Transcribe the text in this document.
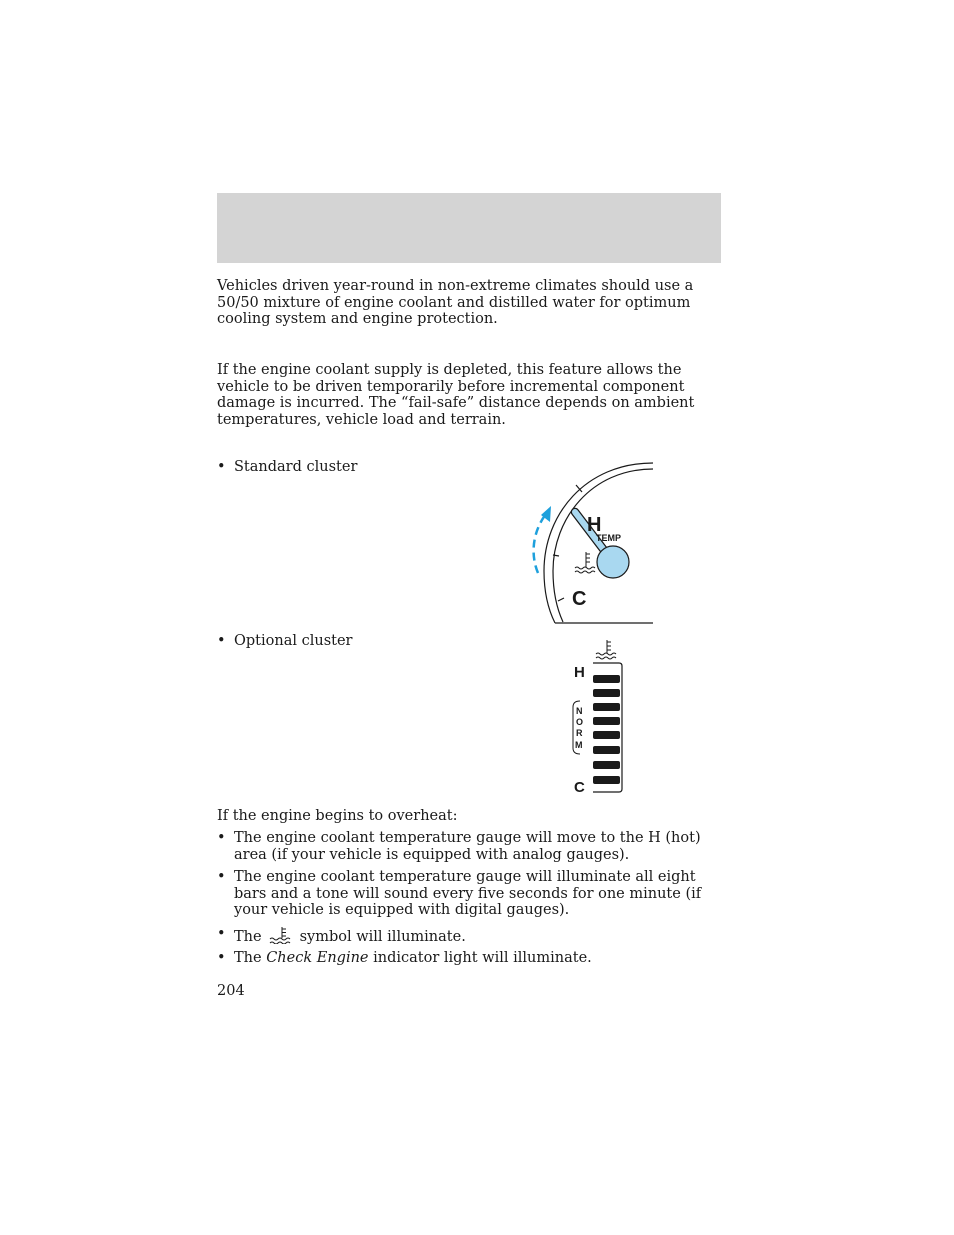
Vehicles driven year-round in non-extreme climates should use a 50/50 mixture of engine coolant and distilled water for optimum cooling system and engine protection.

If the engine coolant supply is depleted, this feature allows the vehicle to be driven temporarily before incremental component damage is incurred. The “fail-safe” distance depends on ambient temperatures, vehicle load and terrain.

• Standard cluster
H
TEMP
C
• Optional cluster
H
N
O
R
M
C

If the engine begins to overheat:

• The engine coolant temperature gauge will move to the H (hot) area (if your vehicle is equipped with analog gauges).
• The engine coolant temperature gauge will illuminate all eight bars and a tone will sound every five seconds for one minute (if your vehicle is equipped with digital gauges).
• The	symbol will illuminate.
• The Check Engine indicator light will illuminate.
204
